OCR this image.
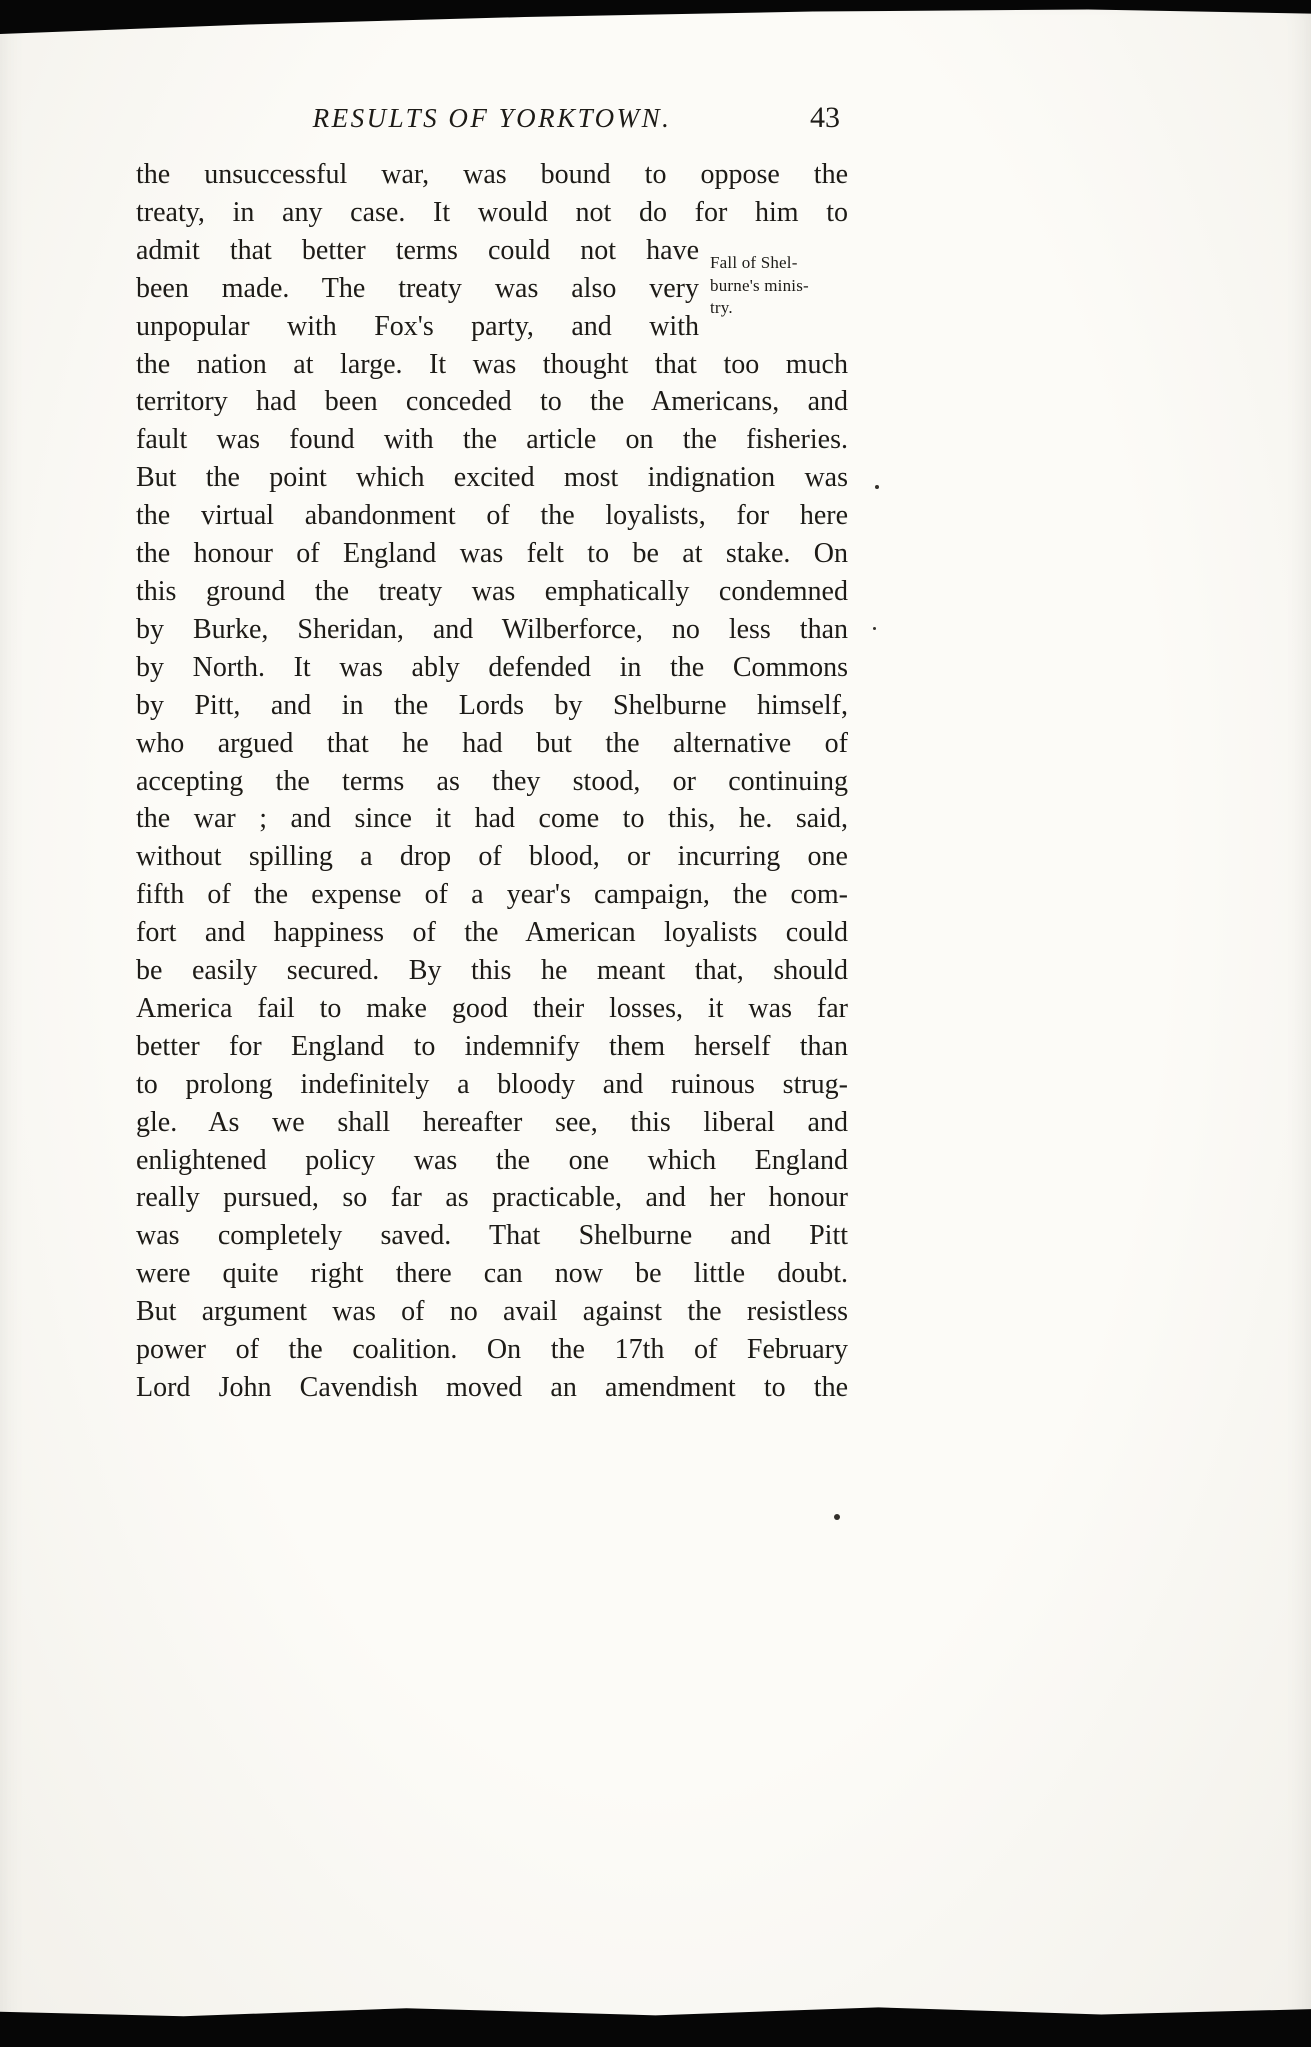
RESULTS OF YORKTOWN.	43
Fall of Shel-
burne's minis-
try.
the unsuccessful war, was bound to oppose the
treaty, in any case. It would not do for him to
admit that better terms could not have
been made. The treaty was also very
unpopular with Fox's party, and with
the nation at large. It was thought that too much
territory had been conceded to the Americans, and
fault was found with the article on the fisheries.
But the point which excited most indignation was
the virtual abandonment of the loyalists, for here
the honour of England was felt to be at stake. On
this ground the treaty was emphatically condemned
by Burke, Sheridan, and Wilberforce, no less than
by North. It was ably defended in the Commons
by Pitt, and in the Lords by Shelburne himself,
who argued that he had but the alternative of
accepting the terms as they stood, or continuing
the war ; and since it had come to this, he. said,
without spilling a drop of blood, or incurring one
fifth of the expense of a year's campaign, the com-
fort and happiness of the American loyalists could
be easily secured. By this he meant that, should
America fail to make good their losses, it was far
better for England to indemnify them herself than
to prolong indefinitely a bloody and ruinous strug-
gle. As we shall hereafter see, this liberal and
enlightened policy was the one which England
really pursued, so far as practicable, and her honour
was completely saved. That Shelburne and Pitt
were quite right there can now be little doubt.
But argument was of no avail against the resistless
power of the coalition. On the 17th of February
Lord John Cavendish moved an amendment to the
